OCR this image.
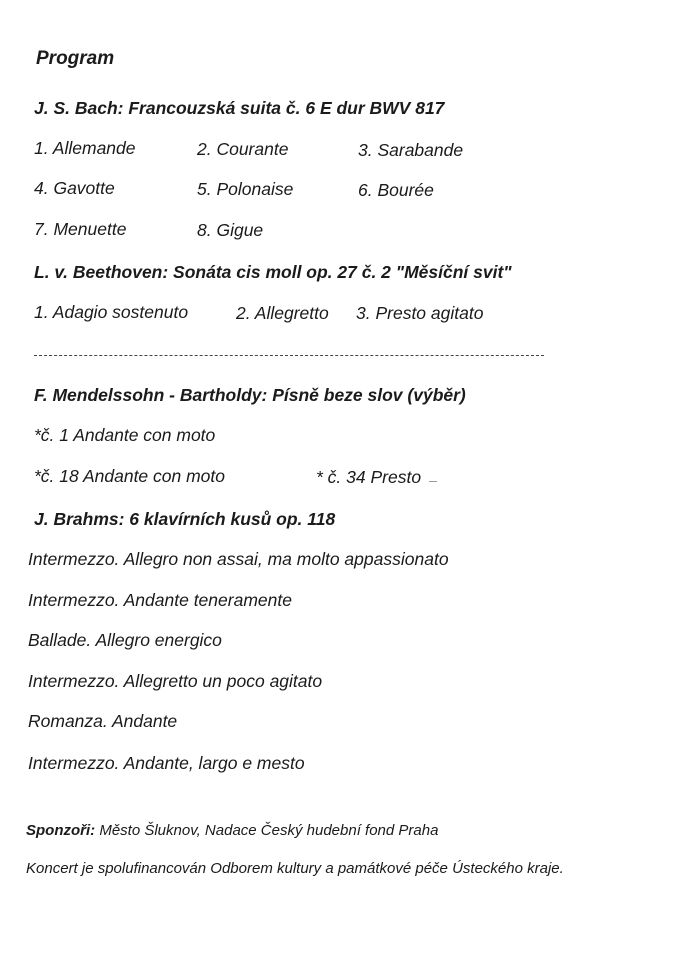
Program
J. S. Bach: Francouzská suita č. 6 E dur BWV 817
1. Allemande	2. Courante	3. Sarabande
4. Gavotte	5. Polonaise	6. Bourée
7. Menuette	8. Gigue
L. v. Beethoven: Sonáta cis moll op. 27 č. 2 "Měsíční svit"
1. Adagio sostenuto	2. Allegretto 3. Presto agitato
F. Mendelssohn - Bartholdy: Písně beze slov (výběr)
*č. 1 Andante con moto
*č. 18 Andante con moto	* č. 34 Presto
J. Brahms: 6 klavírních kusů op. 118
Intermezzo. Allegro non assai, ma molto appassionato
Intermezzo. Andante teneramente
Ballade. Allegro energico
Intermezzo. Allegretto un poco agitato
Romanza. Andante
Intermezzo. Andante, largo e mesto
Sponzoři: Město Šluknov, Nadace Český hudební fond Praha
Koncert je spolufinancován Odborem kultury a památkové péče Ústeckého kraje.
